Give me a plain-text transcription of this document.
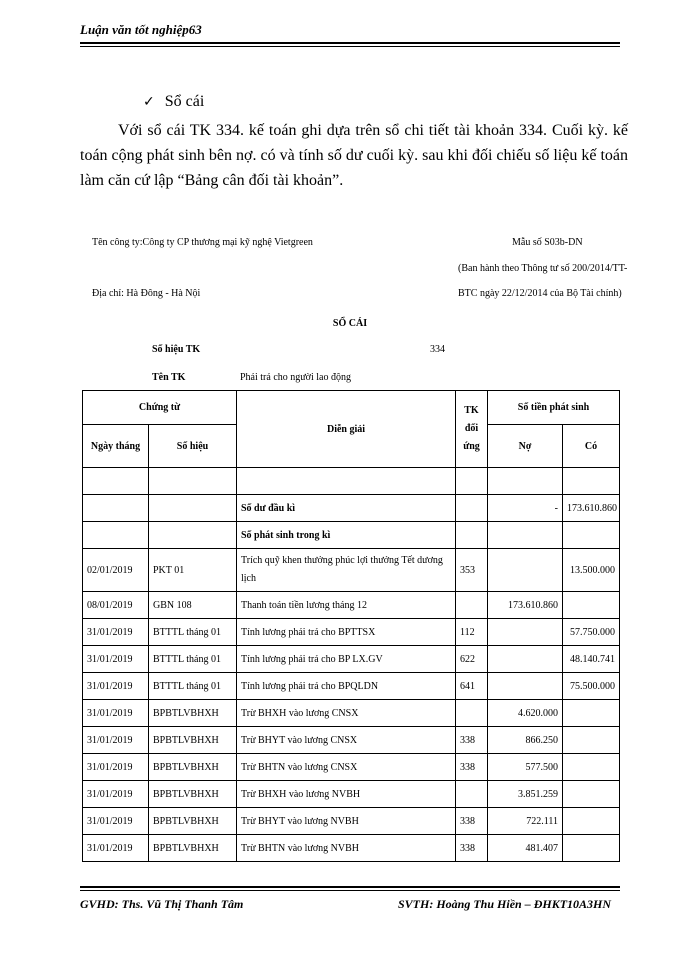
Luận văn tốt nghiệp63
✓ Sổ cái
Với sổ cái TK 334. kế toán ghi dựa trên sổ chi tiết tài khoản 334. Cuối kỳ. kế toán cộng phát sinh bên nợ. có và tính số dư cuối kỳ. sau khi đối chiếu số liệu kế toán làm căn cứ lập “Bảng cân đối tài khoản”.
Tên công ty:Công ty CP thương mại kỹ nghệ Vietgreen	Mẫu số S03b-DN
(Ban hành theo Thông tư số 200/2014/TT-
Địa chỉ: Hà Đông - Hà Nội	BTC ngày 22/12/2014 của Bộ Tài chính)
SỔ CÁI
Số hiệu TK	334
Tên TK	Phải trả cho người lao động
Chứng từ		Diễn giải	TK đối ứng	Số tiền phát sinh	
Ngày tháng	Số hiệu			Nợ	Có

		Số dư đầu kì		-	173.610.860
		Số phát sinh trong kì			
02/01/2019	PKT 01	Trích quỹ khen thưởng phúc lợi thưởng Tết dương lịch	353		13.500.000
08/01/2019	GBN 108	Thanh toán tiền lương tháng 12		173.610.860	
31/01/2019	BTTTL tháng 01	Tính lương phải trả cho BPTTSX	112		57.750.000
31/01/2019	BTTTL tháng 01	Tính lương phải trả cho BP LX.GV	622		48.140.741
31/01/2019	BTTTL tháng 01	Tính lương phải trả cho BPQLDN	641		75.500.000
31/01/2019	BPBTLVBHXH	Trừ BHXH vào lương CNSX		4.620.000	
31/01/2019	BPBTLVBHXH	Trừ BHYT vào lương CNSX	338	866.250	
31/01/2019	BPBTLVBHXH	Trừ BHTN vào lương CNSX	338	577.500	
31/01/2019	BPBTLVBHXH	Trừ BHXH vào lương NVBH		3.851.259	
31/01/2019	BPBTLVBHXH	Trừ BHYT vào lương NVBH	338	722.111	
31/01/2019	BPBTLVBHXH	Trừ BHTN vào lương NVBH	338	481.407	
GVHD: Ths. Vũ Thị Thanh Tâm	SVTH: Hoàng Thu Hiền – ĐHKT10A3HN
